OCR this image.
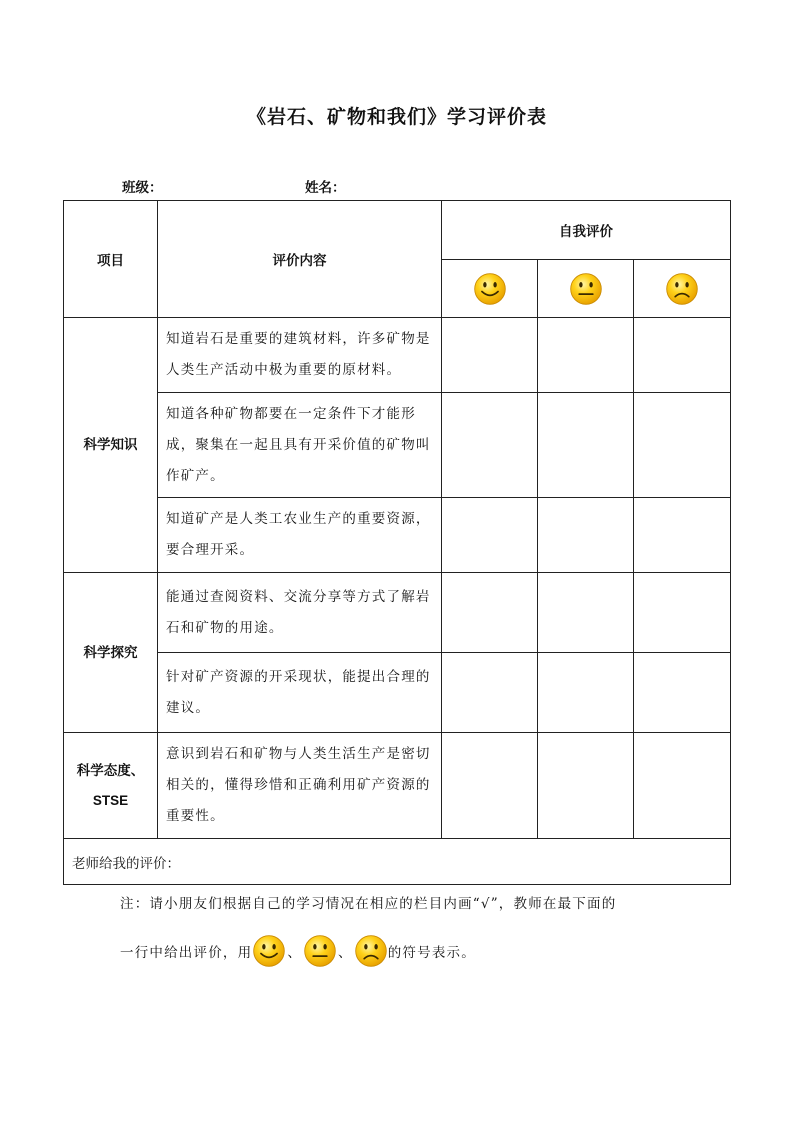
《岩石、矿物和我们》学习评价表
班级：	姓名：
项目	评价内容	自我评价		

科学知识	知道岩石是重要的建筑材料，许多矿物是人类生产活动中极为重要的原材料。			
	知道各种矿物都要在一定条件下才能形成，聚集在一起且具有开采价值的矿物叫作矿产。			
	知道矿产是人类工农业生产的重要资源，要合理开采。			
科学探究	能通过查阅资料、交流分享等方式了解岩石和矿物的用途。			
	针对矿产资源的开采现状，能提出合理的建议。			
科学态度、
STSE	意识到岩石和矿物与人类生活生产是密切相关的，懂得珍惜和正确利用矿产资源的重要性。			
老师给我的评价：				
注：请小朋友们根据自己的学习情况在相应的栏目内画“√”，教师在最下面的
一行中给出评价，用	、	、	的符号表示。
